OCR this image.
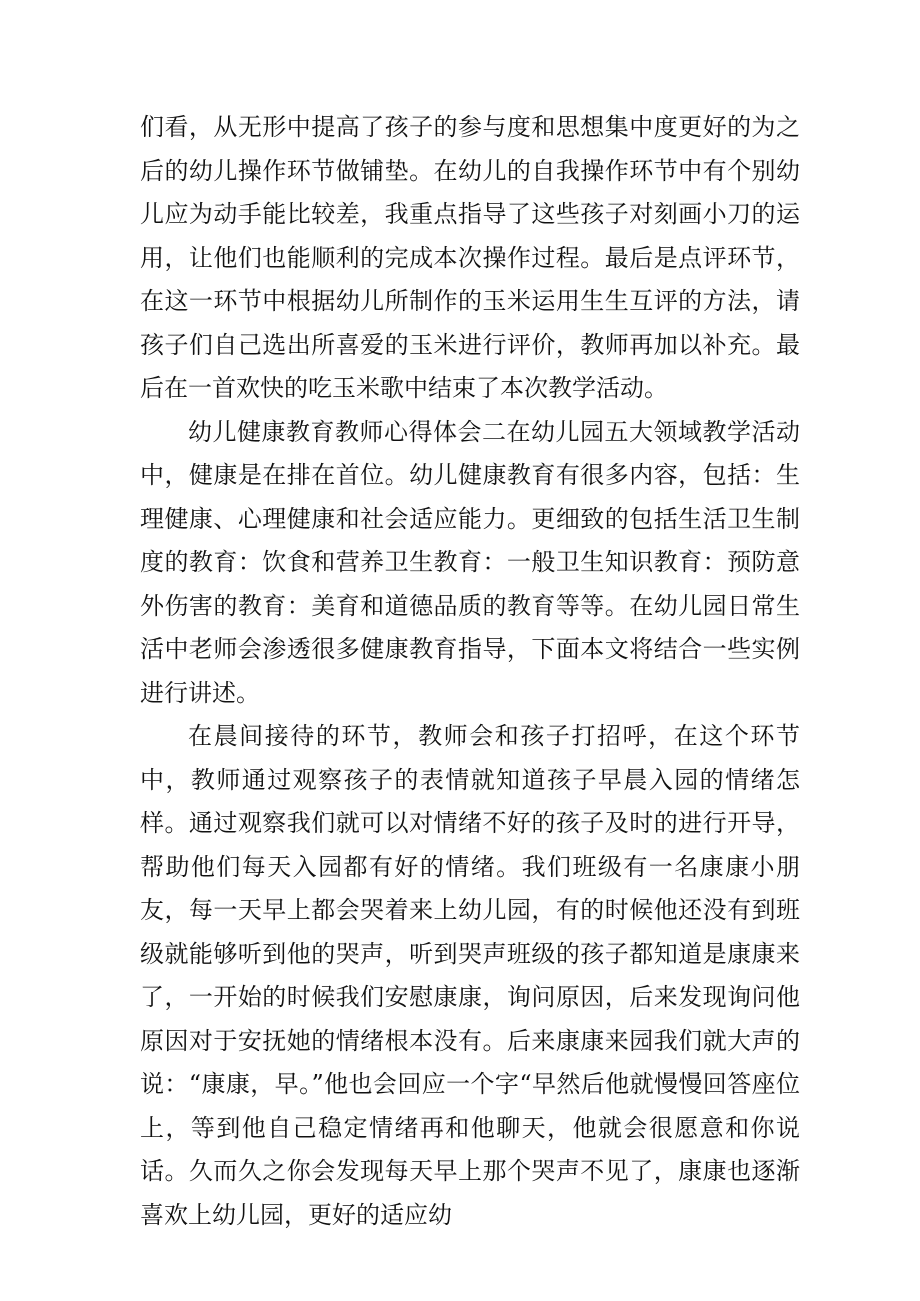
们看，从无形中提高了孩子的参与度和思想集中度更好的为之后的幼儿操作环节做铺垫。在幼儿的自我操作环节中有个别幼儿应为动手能比较差，我重点指导了这些孩子对刻画小刀的运用，让他们也能顺利的完成本次操作过程。最后是点评环节，在这一环节中根据幼儿所制作的玉米运用生生互评的方法，请孩子们自己选出所喜爱的玉米进行评价，教师再加以补充。最后在一首欢快的吃玉米歌中结束了本次教学活动。

幼儿健康教育教师心得体会二在幼儿园五大领域教学活动中，健康是在排在首位。幼儿健康教育有很多内容，包括：生理健康、心理健康和社会适应能力。更细致的包括生活卫生制度的教育：饮食和营养卫生教育：一般卫生知识教育：预防意外伤害的教育：美育和道德品质的教育等等。在幼儿园日常生活中老师会渗透很多健康教育指导，下面本文将结合一些实例进行讲述。

在晨间接待的环节，教师会和孩子打招呼，在这个环节中，教师通过观察孩子的表情就知道孩子早晨入园的情绪怎样。通过观察我们就可以对情绪不好的孩子及时的进行开导，帮助他们每天入园都有好的情绪。我们班级有一名康康小朋友，每一天早上都会哭着来上幼儿园，有的时候他还没有到班级就能够听到他的哭声，听到哭声班级的孩子都知道是康康来了，一开始的时候我们安慰康康，询问原因，后来发现询问他原因对于安抚她的情绪根本没有。后来康康来园我们就大声的说：“康康，早。”他也会回应一个字“早然后他就慢慢回答座位上，等到他自己稳定情绪再和他聊天，他就会很愿意和你说话。久而久之你会发现每天早上那个哭声不见了，康康也逐渐喜欢上幼儿园，更好的适应幼
